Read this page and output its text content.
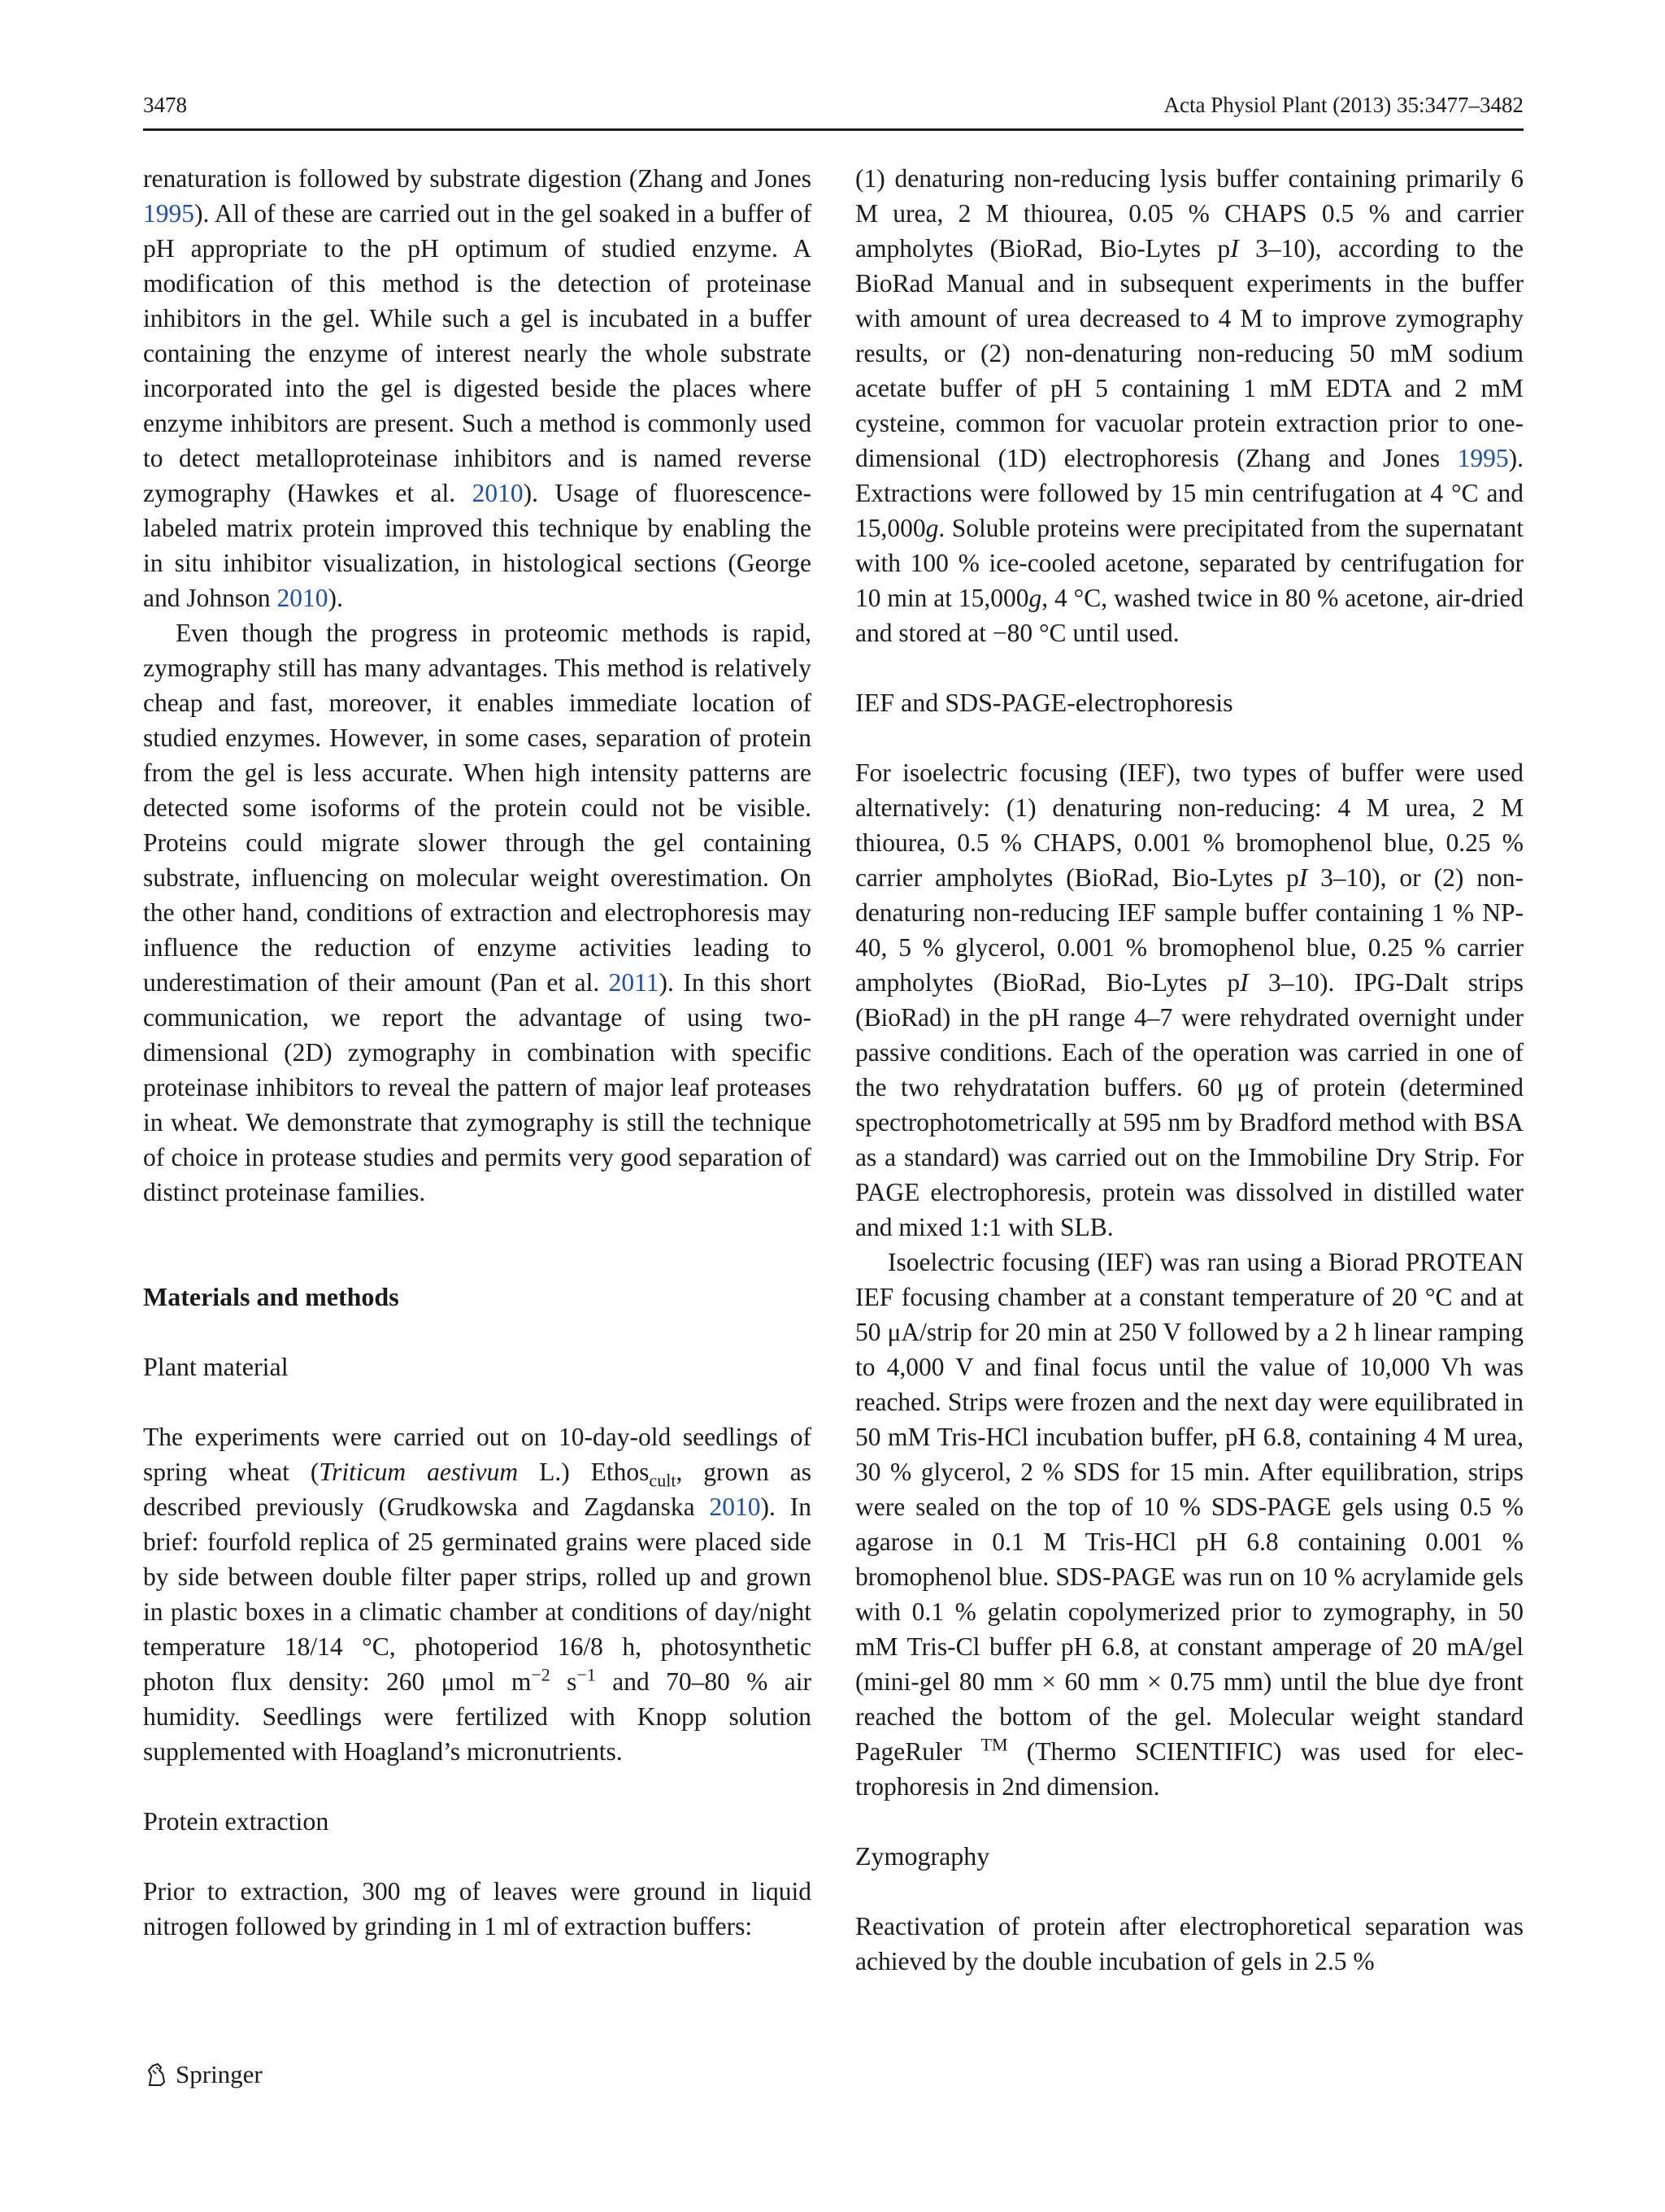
3478	Acta Physiol Plant (2013) 35:3477–3482

renaturation is followed by substrate digestion (Zhang and Jones 1995). All of these are carried out in the gel soaked in a buffer of pH appropriate to the pH optimum of studied enzyme. A modification of this method is the detection of proteinase inhibitors in the gel. While such a gel is incubated in a buffer containing the enzyme of interest nearly the whole substrate incorporated into the gel is digested beside the places where enzyme inhibitors are present. Such a method is commonly used to detect metalloproteinase inhibitors and is named reverse zymography (Hawkes et al. 2010). Usage of fluorescence-labeled matrix protein improved this technique by enabling the in situ inhibitor visualization, in histological sections (George and Johnson 2010).

Even though the progress in proteomic methods is rapid, zymography still has many advantages. This method is relatively cheap and fast, moreover, it enables immediate location of studied enzymes. However, in some cases, separation of protein from the gel is less accurate. When high intensity patterns are detected some isoforms of the protein could not be visible. Proteins could migrate slower through the gel containing substrate, influencing on molecular weight overestimation. On the other hand, conditions of extraction and electrophoresis may influence the reduction of enzyme activities leading to underestimation of their amount (Pan et al. 2011). In this short communication, we report the advantage of using two-dimensional (2D) zymography in combination with specific proteinase inhibitors to reveal the pattern of major leaf proteases in wheat. We demonstrate that zymography is still the technique of choice in protease studies and permits very good separation of distinct proteinase families.

Materials and methods
Plant material

The experiments were carried out on 10-day-old seedlings of spring wheat (Triticum aestivum L.) Ethos$_{cult}$, grown as described previously (Grudkowska and Zagdanska 2010). In brief: fourfold replica of 25 germinated grains were placed side by side between double filter paper strips, rolled up and grown in plastic boxes in a climatic chamber at conditions of day/night temperature 18/14 °C, photoperiod 16/8 h, photosynthetic photon flux density: 260 μmol $m^{-2}$ $s^{-1}$ and 70–80 % air humidity. Seedlings were fertilized with Knopp solution supplemented with Hoagland’s micronutrients.

Protein extraction

Prior to extraction, 300 mg of leaves were ground in liquid nitrogen followed by grinding in 1 ml of extraction buffers:

(1) denaturing non-reducing lysis buffer containing primarily 6 M urea, 2 M thiourea, 0.05 % CHAPS 0.5 % and carrier ampholytes (BioRad, Bio-Lytes pI 3–10), according to the BioRad Manual and in subsequent experiments in the buffer with amount of urea decreased to 4 M to improve zymography results, or (2) non-denaturing non-reducing 50 mM sodium acetate buffer of pH 5 containing 1 mM EDTA and 2 mM cysteine, common for vacuolar protein extraction prior to one-dimensional (1D) electrophoresis (Zhang and Jones 1995). Extractions were followed by 15 min centrifugation at 4 °C and 15,000g. Soluble proteins were precipitated from the supernatant with 100 % ice-cooled acetone, separated by centrifugation for 10 min at 15,000g, 4 °C, washed twice in 80 % acetone, air-dried and stored at −80 °C until used.

IEF and SDS-PAGE-electrophoresis

For isoelectric focusing (IEF), two types of buffer were used alternatively: (1) denaturing non-reducing: 4 M urea, 2 M thiourea, 0.5 % CHAPS, 0.001 % bromophenol blue, 0.25 % carrier ampholytes (BioRad, Bio-Lytes pI 3–10), or (2) non-denaturing non-reducing IEF sample buffer containing 1 % NP-40, 5 % glycerol, 0.001 % bromophenol blue, 0.25 % carrier ampholytes (BioRad, Bio-Lytes pI 3–10). IPG-Dalt strips (BioRad) in the pH range 4–7 were rehydrated overnight under passive conditions. Each of the operation was carried in one of the two rehydratation buffers. 60 μg of protein (determined spectrophotometrically at 595 nm by Bradford method with BSA as a standard) was carried out on the Immobiline Dry Strip. For PAGE electrophoresis, protein was dissolved in distilled water and mixed 1:1 with SLB.

Isoelectric focusing (IEF) was ran using a Biorad PROTEAN IEF focusing chamber at a constant temperature of 20 °C and at 50 μA/strip for 20 min at 250 V followed by a 2 h linear ramping to 4,000 V and final focus until the value of 10,000 Vh was reached. Strips were frozen and the next day were equilibrated in 50 mM Tris-HCl incubation buffer, pH 6.8, containing 4 M urea, 30 % glycerol, 2 % SDS for 15 min. After equilibration, strips were sealed on the top of 10 % SDS-PAGE gels using 0.5 % agarose in 0.1 M Tris-HCl pH 6.8 containing 0.001 % bromophenol blue. SDS-PAGE was run on 10 % acrylamide gels with 0.1 % gelatin copolymerized prior to zymography, in 50 mM Tris-Cl buffer pH 6.8, at constant amperage of 20 mA/gel (mini-gel 80 mm × 60 mm × 0.75 mm) until the blue dye front reached the bottom of the gel. Molecular weight standard PageRuler ™ (Thermo SCIENTIFIC) was used for electrophoresis in 2nd dimension.

Zymography

Reactivation of protein after electrophoretical separation was achieved by the double incubation of gels in 2.5 %

Springer
